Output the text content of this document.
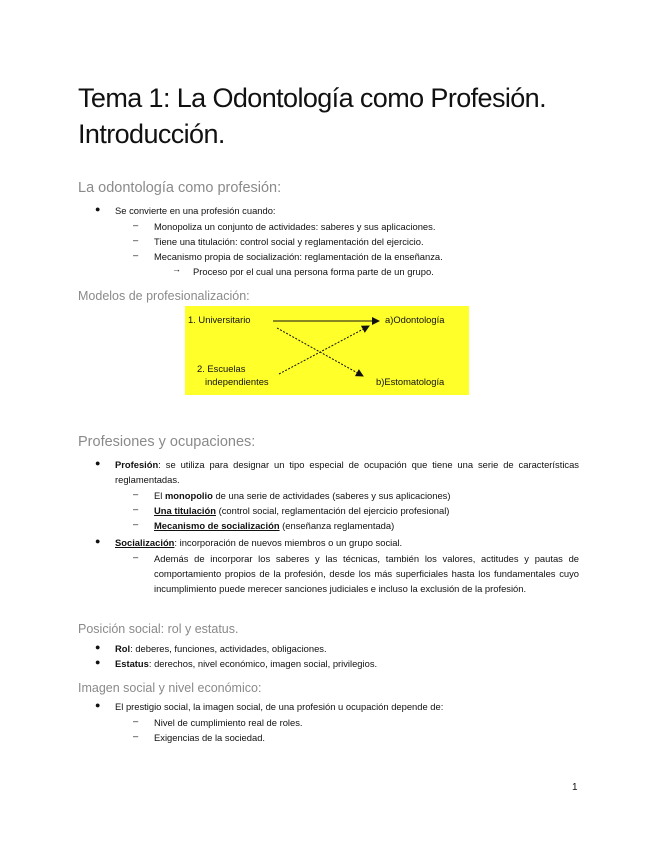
Tema 1: La Odontología como Profesión.
Introducción.
La odontología como profesión:
● Se convierte en una profesión cuando:
– Monopoliza un conjunto de actividades: saberes y sus aplicaciones.
– Tiene una titulación: control social y reglamentación del ejercicio.
– Mecanismo propia de socialización: reglamentación de la enseñanza.
→ Proceso por el cual una persona forma parte de un grupo.
Modelos de profesionalización:
1. Universitario
2. Escuelas
independientes
a)Odontología
b)Estomatología
Profesiones y ocupaciones:
● Profesión: se utiliza para designar un tipo especial de ocupación que tiene una serie de características reglamentadas.
– El monopolio de una serie de actividades (saberes y sus aplicaciones)
– Una titulación (control social, reglamentación del ejercicio profesional)
– Mecanismo de socialización (enseñanza reglamentada)
● Socialización: incorporación de nuevos miembros o un grupo social.
– Además de incorporar los saberes y las técnicas, también los valores, actitudes y pautas de comportamiento propios de la profesión, desde los más superficiales hasta los fundamentales cuyo incumplimiento puede merecer sanciones judiciales e incluso la exclusión de la profesión.
Posición social: rol y estatus.
● Rol: deberes, funciones, actividades, obligaciones.
● Estatus: derechos, nivel económico, imagen social, privilegios.
Imagen social y nivel económico:
● El prestigio social, la imagen social, de una profesión u ocupación depende de:
– Nivel de cumplimiento real de roles.
– Exigencias de la sociedad.
1
